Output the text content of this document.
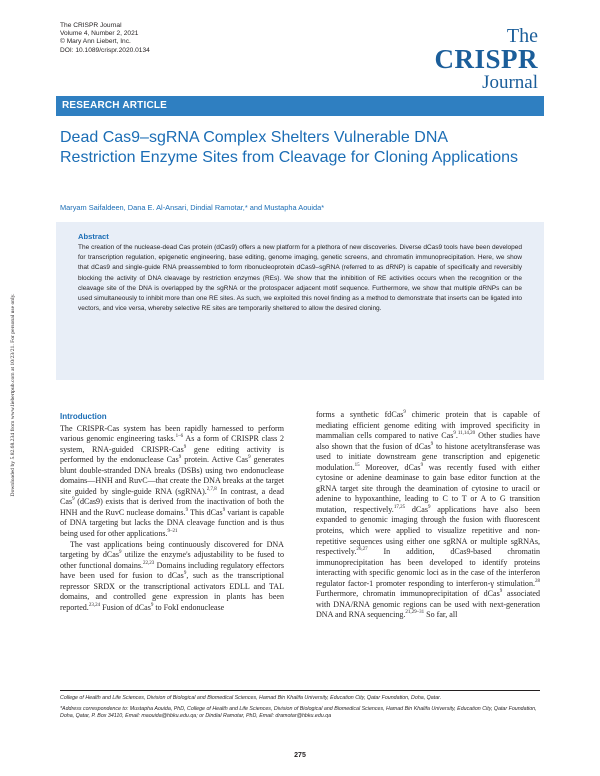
The CRISPR Journal
Volume 4, Number 2, 2021
© Mary Ann Liebert, Inc.
DOI: 10.1089/crispr.2020.0134
The
CRISPR
Journal
RESEARCH ARTICLE
Dead Cas9–sgRNA Complex Shelters Vulnerable DNA Restriction Enzyme Sites from Cleavage for Cloning Applications
Maryam Saifaldeen, Dana E. Al-Ansari, Dindial Ramotar,* and Mustapha Aouida*
Abstract
The creation of the nuclease-dead Cas protein (dCas9) offers a new platform for a plethora of new discoveries. Diverse dCas9 tools have been developed for transcription regulation, epigenetic engineering, base editing, genome imaging, genetic screens, and chromatin immunoprecipitation. Here, we show that dCas9 and single-guide RNA preassembled to form ribonucleoprotein dCas9–sgRNA (referred to as dRNP) is capable of specifically and reversibly blocking the activity of DNA cleavage by restriction enzymes (REs). We show that the inhibition of RE activities occurs when the recognition or the cleavage site of the DNA is overlapped by the sgRNA or the protospacer adjacent motif sequence. Furthermore, we show that multiple dRNPs can be used simultaneously to inhibit more than one RE sites. As such, we exploited this novel finding as a method to demonstrate that inserts can be ligated into vectors, and vice versa, whereby selective RE sites are temporarily sheltered to allow the desired cloning.
Downloaded by 5.82.68.234 from www.liebertpub.com at 10/23/21. For personal use only.	Introduction

The CRISPR-Cas system has been rapidly harnessed to perform various genomic engineering tasks.$^{1-6}$ As a form of CRISPR class 2 system, RNA-guided CRISPR-Cas$^9$ gene editing activity is performed by the endonuclease Cas$^9$ protein. Active Cas$^9$ generates blunt double-stranded DNA breaks (DSBs) using two endonuclease domains—HNH and RuvC—that create the DNA breaks at the target site guided by single-guide RNA (sgRNA).$^{2,7,8}$ In contrast, a dead Cas$^9$ (dCas9) exists that is derived from the inactivation of both the HNH and the RuvC nuclease domains.$^9$ This dCas$^9$ variant is capable of DNA targeting but lacks the DNA cleavage function and is thus being used for other applications.$^{9-21}$

The vast applications being continuously discovered for DNA targeting by dCas$^9$ utilize the enzyme's adjustability to be fused to other functional domains.$^{22,23}$ Domains including regulatory effectors have been used for fusion to dCas$^9$, such as the transcriptional repressor SRDX or the transcriptional activators EDLL and TAL domains, and controlled gene expression in plants has been reported.$^{23,24}$ Fusion of dCas$^9$ to FokI endonuclease

forms a synthetic fdCas$^9$ chimeric protein that is capable of mediating efficient genome editing with improved specificity in mammalian cells compared to native Cas$^9$.$^{11,14,20}$ Other studies have also shown that the fusion of dCas$^9$ to histone acetyltransferase was used to initiate downstream gene transcription and epigenetic modulation.$^{15}$ Moreover, dCas$^9$ was recently fused with either cytosine or adenine deaminase to gain base editor function at the gRNA target site through the deamination of cytosine to uracil or adenine to hypoxanthine, leading to C to T or A to G transition mutation, respectively.$^{17,25}$ dCas$^9$ applications have also been expanded to genomic imaging through the fusion with fluorescent proteins, which were applied to visualize repetitive and non-repetitive sequences using either one sgRNA or multiple sgRNAs, respectively.$^{26,27}$ In addition, dCas9-based chromatin immunoprecipitation has been developed to identify proteins interacting with specific genomic loci as in the case of the interferon regulator factor-1 promoter responding to interferon-γ stimulation.$^{28}$ Furthermore, chromatin immunoprecipitation of dCas$^9$ associated with DNA/RNA genomic regions can be used with next-generation DNA and RNA sequencing.$^{21,29-31}$ So far, all

College of Health and Life Sciences, Division of Biological and Biomedical Sciences, Hamad Bin Khalifa University, Education City, Qatar Foundation, Doha, Qatar.

*Address correspondence to: Mustapha Aouida, PhD, College of Health and Life Sciences, Division of Biological and Biomedical Sciences, Hamad Bin Khalifa University, Education City, Qatar Foundation, Doha, Qatar, P. Box 34110, Email: maouida@hbku.edu.qa; or Dindial Ramotar, PhD, Email: dramotar@hbku.edu.qa

275
